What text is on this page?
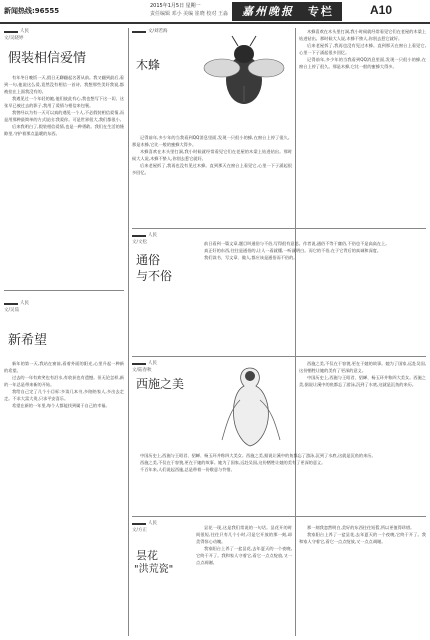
新闻热线:96555
2015年1月5日 星期一
责任编辑 邓小 美编 崔晓 校对 王淼	嘉州晚报 专栏	A10
人民
文/吴晓婷
假装相信爱情

有年冬日晚饭一天,假日无聊翻起名著从前。我又翻到最后,看到一句,他说这么爱,竟然没有相信一首诗。我想那些美好我说,都被挂在上面我没有的。

我遇见过一个年轻的她,他们彼此有心,我也想写下这一切。这张早已被过去的影子,我用了爱情与相信来包裹。

我曾经以为有一天可以真的遇见一个人,不必假装相信爱情,而是用那种最简单的方式说出:我爱你。可是世界很大,我们都很小。

后来我明白了,假装相信爱情,也是一种勇敢。我们在生活的缝隙里,守护着那点温暖的东西。

人民
文/吴茹
新希望

新年的第一天,我站在窗前,看着外面的阳光,心里升起一种新的希望。

过去的一年有欢笑也有泪水,有收获也有遗憾。但无论怎样,新的一年总是带来新的开始。

我给自己定了几个小目标:多读几本书,多陪陪家人,多出去走走。不求大富大贵,只求平安喜乐。

希望在新的一年里,每个人都能找到属于自己的幸福。

文/刘若海
木蜂

记得前年,多少年的当我看到QQ消息里面,发现一只很小的蜂,在窗台上停了很久。那是木蜂,它比一般的蜜蜂大得多。

木蜂喜欢在木头里打洞,我小时候就经常看见它们在老屋的木梁上钻进钻出。那时候大人说,木蜂不蛰人,你别去惹它就好。

后来老屋拆了,我再也没有见过木蜂。直到那天在窗台上看见它,心里一下子涌起很多回忆。

木蜂喜欢在木头里打洞,我小时候就经常看见它们在老屋的木梁上钻进钻出。那时候大人说,木蜂不蛰人,你别去惹它就好。

后来老屋拆了,我再也没有见过木蜂。直到那天在窗台上看见它,心里一下子涌起很多回忆。

记得前年,多少年的当我看到QQ消息里面,发现一只很小的蜂,在窗台上停了很久。那是木蜂,它比一般的蜜蜂大得多。

人民
文/文松
通俗
与不俗

前日看到一篇文章,题目叫通俗与不俗,写得很有意思。作者说,通俗不等于庸俗,不俗也不是高高在上。

真正好的东西,往往是通俗的,让人一看就懂,一听就明白。而它的不俗,在于它背后的真诚和深度。

我们读书、写文章、做人,都应该是通俗而不俗的。

人民
文/陆春秋
西施之美

中国历史上,西施与王昭君、貂蝉、杨玉环并称四大美女。西施之美,据说让溪中的鱼都忘了游泳,沉到了水底,这就是沉鱼的来历。

西施之美,不仅在于容貌,更在于她的故事。她为了国家,远赴吴国,这份牺牲让她的美有了更深的意义。

千百年来,人们说起西施,总是带着一份敬意与怜惜。

西施之美,不仅在于容貌,更在于她的故事。她为了国家,远赴吴国,这份牺牲让她的美有了更深的意义。

中国历史上,西施与王昭君、貂蝉、杨玉环并称四大美女。西施之美,据说让溪中的鱼都忘了游泳,沉到了水底,这就是沉鱼的来历。

人民
文/方正
昙花
"洪荒瓷"

昙花一现,这是我们常说的一句话。昙花开的时间很短,往往只有几个小时,可是它开放的那一刻,却美得惊心动魄。

我家阳台上养了一盆昙花,去年夏天的一个夜晚,它终于开了。我和家人守着它,看它一点点绽放,又一点点凋谢。

那一刻我忽然明白,美好的东西往往短暂,所以更值得珍惜。

我家阳台上养了一盆昙花,去年夏天的一个夜晚,它终于开了。我和家人守着它,看它一点点绽放,又一点点凋谢。
